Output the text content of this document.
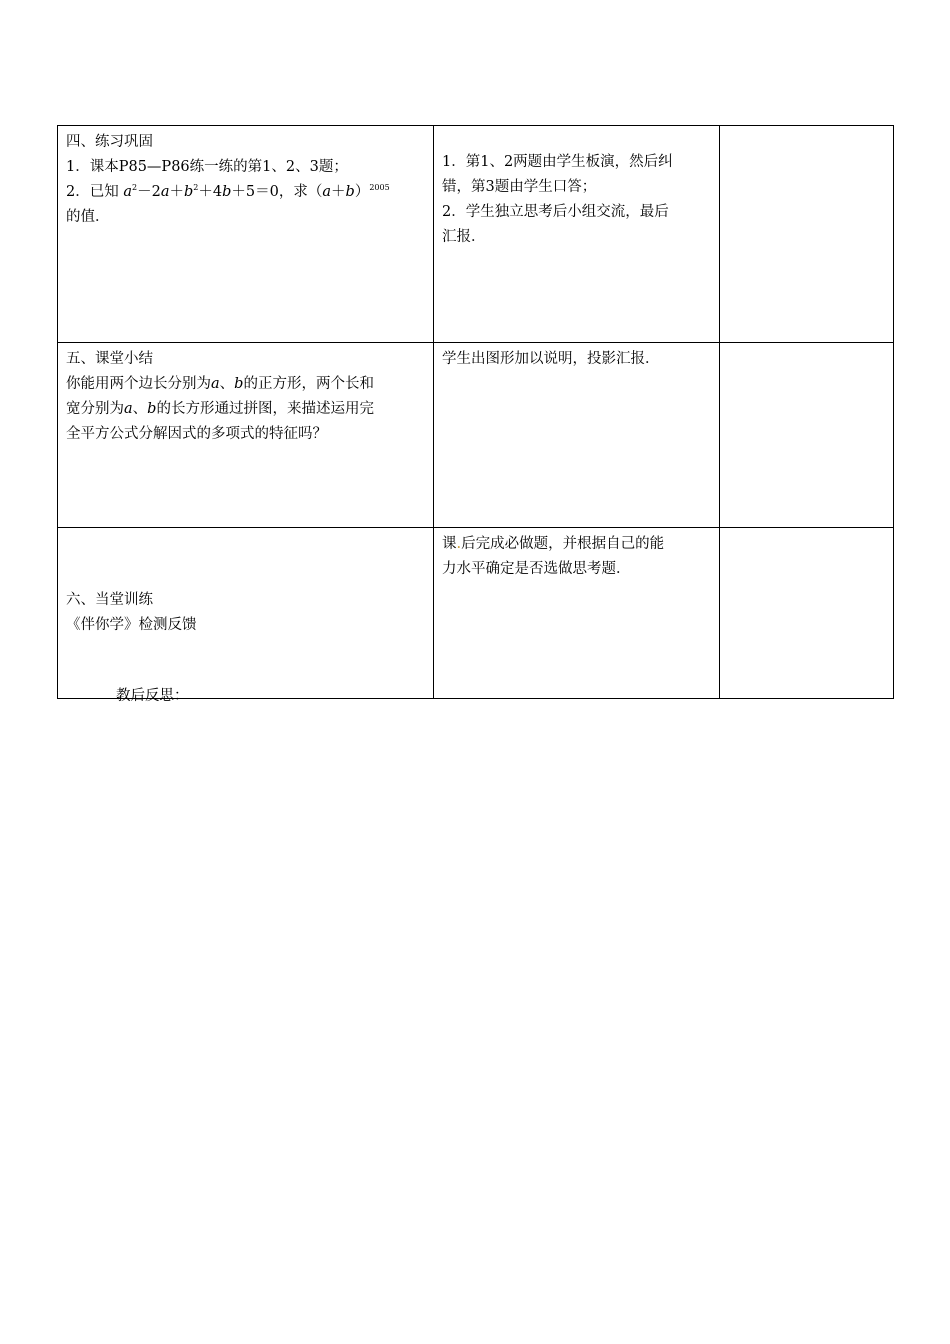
四、练习巩固
1．课本P85—P86练一练的第1、2、3题；
2．已知 $a^2-2a+b^2+4b+5=0$，求$(a+b)^{2005}$
的值．	1．第1、2两题由学生板演，然后纠
错，第3题由学生口答；
2．学生独立思考后小组交流，最后
汇报．	

五、课堂小结
你能用两个边长分别为a、b的正方形，两个长和
宽分别为a、b的长方形通过拼图，来描述运用完
全平方公式分解因式的多项式的特征吗？	学生出图形加以说明，投影汇报．	

六、当堂训练
《伴你学》检测反馈	课.后完成必做题，并根据自己的能
力水平确定是否选做思考题．	

教后反思：
